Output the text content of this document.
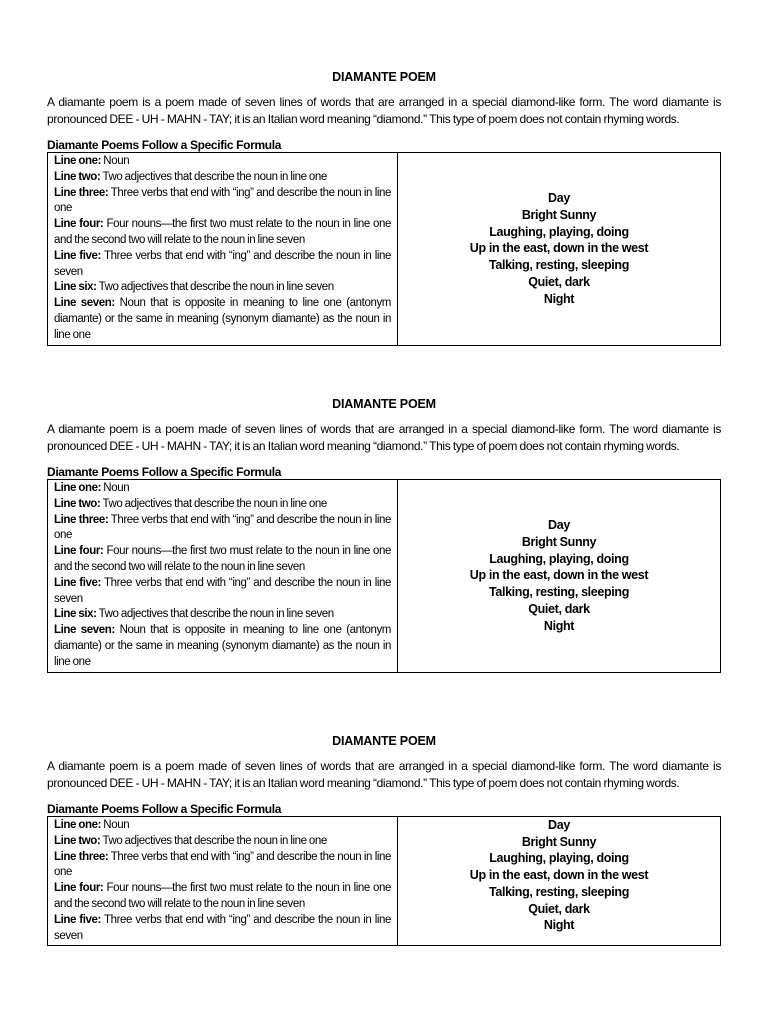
DIAMANTE POEM
A diamante poem is a poem made of seven lines of words that are arranged in a special diamond-like form. The word diamante is pronounced DEE - UH - MAHN - TAY; it is an Italian word meaning “diamond.” This type of poem does not contain rhyming words.
Diamante Poems Follow a Specific Formula
Line one: Noun
Line two: Two adjectives that describe the noun in line one
Line three: Three verbs that end with “ing” and describe the noun in line one
Line four: Four nouns—the first two must relate to the noun in line one and the second two will relate to the noun in line seven
Line five: Three verbs that end with “ing” and describe the noun in line seven
Line six: Two adjectives that describe the noun in line seven
Line seven: Noun that is opposite in meaning to line one (antonym diamante) or the same in meaning (synonym diamante) as the noun in line one

Day
Bright Sunny
Laughing, playing, doing
Up in the east, down in the west
Talking, resting, sleeping
Quiet, dark
Night
DIAMANTE POEM
A diamante poem is a poem made of seven lines of words that are arranged in a special diamond-like form. The word diamante is pronounced DEE - UH - MAHN - TAY; it is an Italian word meaning “diamond.” This type of poem does not contain rhyming words.
Diamante Poems Follow a Specific Formula
Line one: Noun
Line two: Two adjectives that describe the noun in line one
Line three: Three verbs that end with “ing” and describe the noun in line one
Line four: Four nouns—the first two must relate to the noun in line one and the second two will relate to the noun in line seven
Line five: Three verbs that end with “ing” and describe the noun in line seven
Line six: Two adjectives that describe the noun in line seven
Line seven: Noun that is opposite in meaning to line one (antonym diamante) or the same in meaning (synonym diamante) as the noun in line one

Day
Bright Sunny
Laughing, playing, doing
Up in the east, down in the west
Talking, resting, sleeping
Quiet, dark
Night
DIAMANTE POEM
A diamante poem is a poem made of seven lines of words that are arranged in a special diamond-like form. The word diamante is pronounced DEE - UH - MAHN - TAY; it is an Italian word meaning “diamond.” This type of poem does not contain rhyming words.
Diamante Poems Follow a Specific Formula
Line one: Noun
Line two: Two adjectives that describe the noun in line one
Line three: Three verbs that end with “ing” and describe the noun in line one
Line four: Four nouns—the first two must relate to the noun in line one and the second two will relate to the noun in line seven
Line five: Three verbs that end with “ing” and describe the noun in line seven

Day
Bright Sunny
Laughing, playing, doing
Up in the east, down in the west
Talking, resting, sleeping
Quiet, dark
Night
